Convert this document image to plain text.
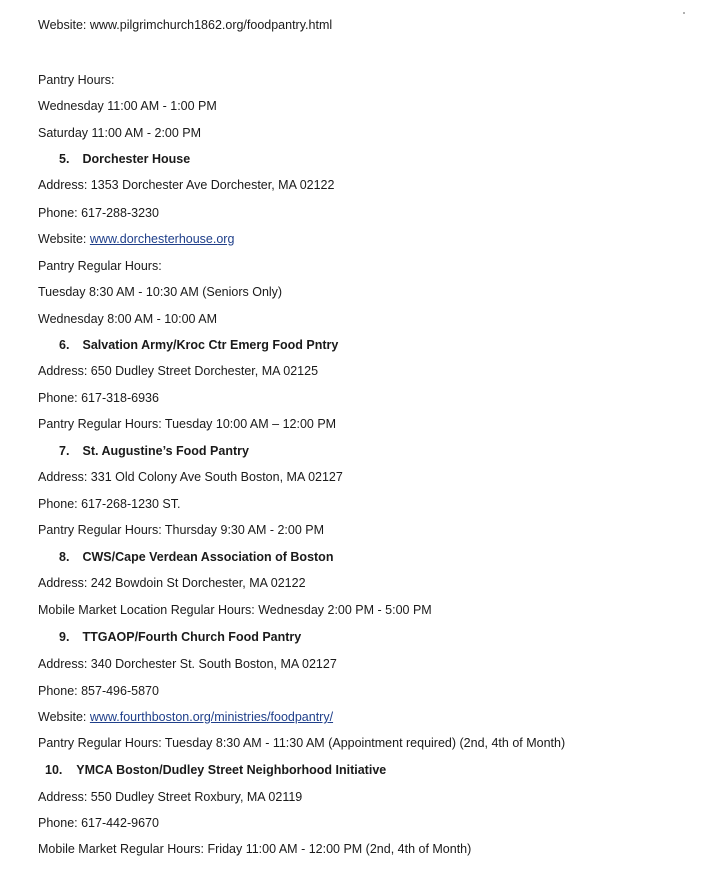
Website: www.pilgrimchurch1862.org/foodpantry.html
Pantry Hours:
Wednesday 11:00 AM - 1:00 PM
Saturday 11:00 AM - 2:00 PM
5. Dorchester House
Address: 1353 Dorchester Ave Dorchester, MA 02122
Phone: 617-288-3230
Website: www.dorchesterhouse.org
Pantry Regular Hours:
Tuesday 8:30 AM - 10:30 AM (Seniors Only)
Wednesday 8:00 AM - 10:00 AM
6. Salvation Army/Kroc Ctr Emerg Food Pntry
Address: 650 Dudley Street Dorchester, MA 02125
Phone: 617-318-6936
Pantry Regular Hours: Tuesday 10:00 AM – 12:00 PM
7. St. Augustine’s Food Pantry
Address: 331 Old Colony Ave South Boston, MA 02127
Phone: 617-268-1230 ST.
Pantry Regular Hours: Thursday 9:30 AM - 2:00 PM
8. CWS/Cape Verdean Association of Boston
Address: 242 Bowdoin St Dorchester, MA 02122
Mobile Market Location Regular Hours: Wednesday 2:00 PM - 5:00 PM
9. TTGAOP/Fourth Church Food Pantry
Address: 340 Dorchester St. South Boston, MA 02127
Phone: 857-496-5870
Website: www.fourthboston.org/ministries/foodpantry/
Pantry Regular Hours: Tuesday 8:30 AM - 11:30 AM (Appointment required) (2nd, 4th of Month)
10. YMCA Boston/Dudley Street Neighborhood Initiative
Address: 550 Dudley Street Roxbury, MA 02119
Phone: 617-442-9670
Mobile Market Regular Hours: Friday 11:00 AM - 12:00 PM (2nd, 4th of Month)
